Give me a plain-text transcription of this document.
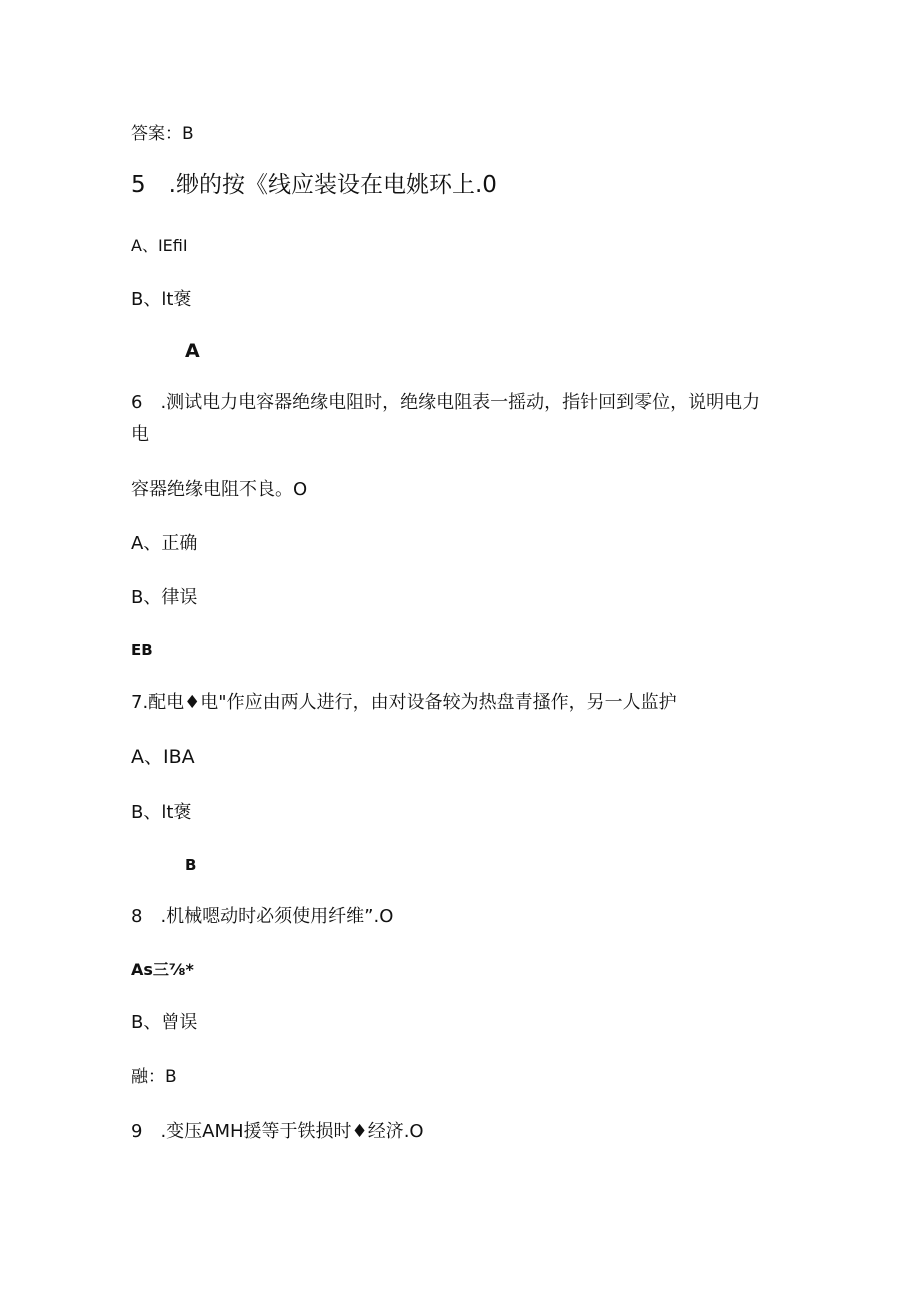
答案：B
5　.缈的按《线应装设在电姚环上.0
A、IEfiI
B、lt褒
A
6　.测试电力电容器绝缘电阻时，绝缘电阻表一摇动，指针回到零位，说明电力
电
容器绝缘电阻不良。O
A、正确
B、律误
EB
7.配电♦电"作应由两人进行，由对设备较为热盘青搔作，另一人监护
A、IBA
B、lt褒
B
8　.机械嗯动时必须使用纤维”.O
As三⅞*
B、曾误
融：B
9　.变压AMH援等于铁损时♦经济.O
